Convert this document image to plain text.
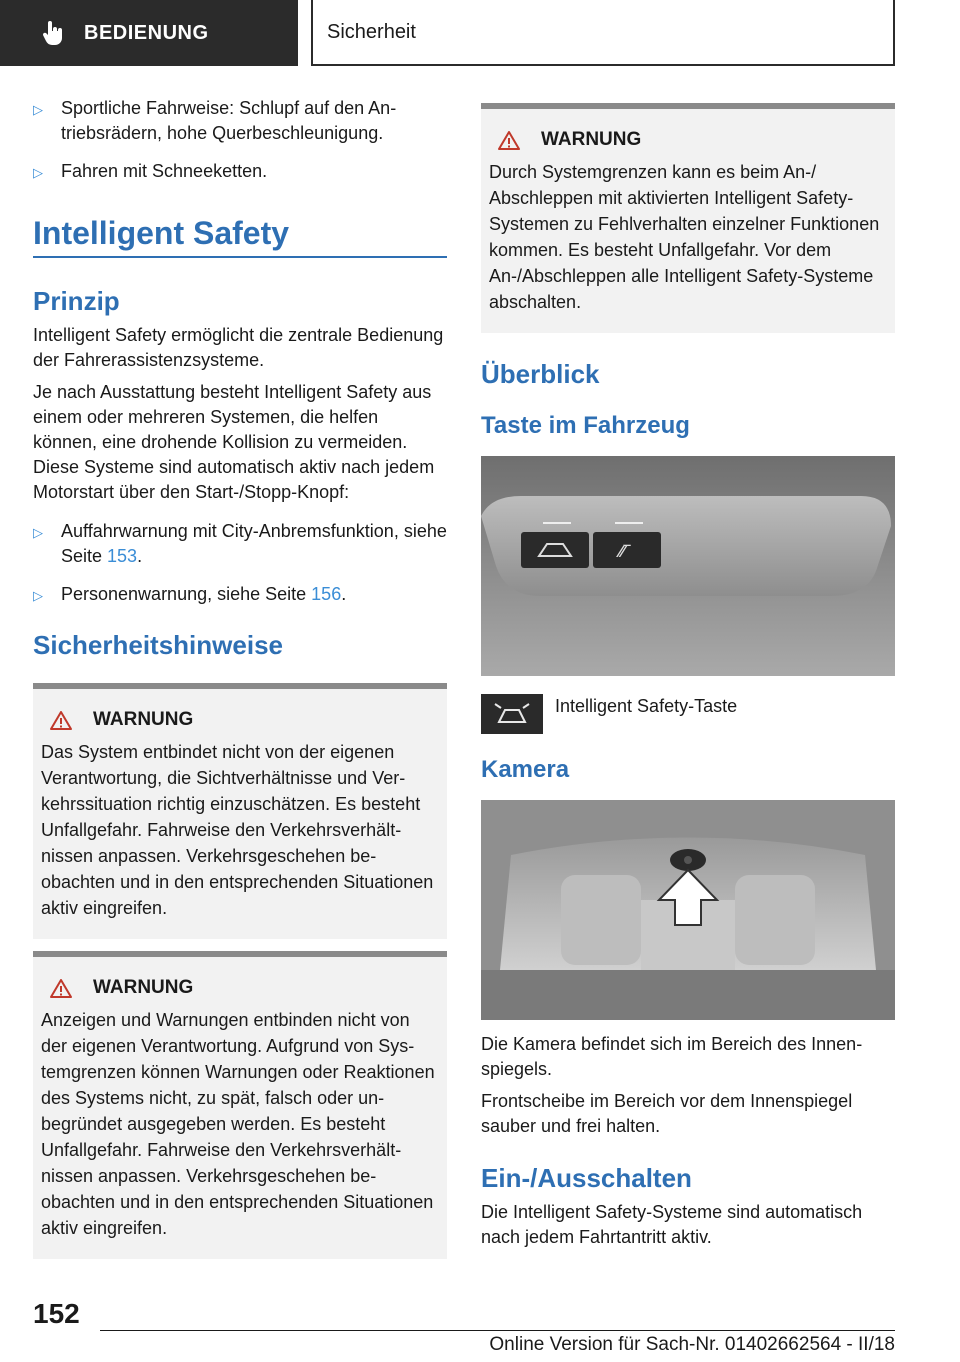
BEDIENUNG	Sicherheit
▷	Sportliche Fahrweise: Schlupf auf den Antriebsrädern, hohe Querbeschleunigung.
▷	Fahren mit Schneeketten.
Intelligent Safety
Prinzip

Intelligent Safety ermöglicht die zentrale Bedienung der Fahrerassistenzsysteme.

Je nach Ausstattung besteht Intelligent Safety aus einem oder mehreren Systemen, die helfen können, eine drohende Kollision zu vermeiden. Diese Systeme sind automatisch aktiv nach jedem Motorstart über den Start-/Stopp-Knopf:

▷	Auffahrwarnung mit City-Anbremsfunktion, siehe Seite 153.
▷	Personenwarnung, siehe Seite 156.
Sicherheitshinweise
WARNUNG

Das System entbindet nicht von der eigenen Verantwortung, die Sichtverhältnisse und Verkehrssituation richtig einzuschätzen. Es besteht Unfallgefahr. Fahrweise den Verkehrsverhältnissen anpassen. Verkehrsgeschehen beobachten und in den entsprechenden Situationen aktiv eingreifen.

WARNUNG

Anzeigen und Warnungen entbinden nicht von der eigenen Verantwortung. Aufgrund von Systemgrenzen können Warnungen oder Reaktionen des Systems nicht, zu spät, falsch oder unbegründet ausgegeben werden. Es besteht Unfallgefahr. Fahrweise den Verkehrsverhältnissen anpassen. Verkehrsgeschehen beobachten und in den entsprechenden Situationen aktiv eingreifen.

WARNUNG

Durch Systemgrenzen kann es beim An-/ Abschleppen mit aktivierten Intelligent Safety-Systemen zu Fehlverhalten einzelner Funktionen kommen. Es besteht Unfallgefahr. Vor dem An-/Abschleppen alle Intelligent Safety-Systeme abschalten.

Überblick
Taste im Fahrzeug
⁄⁄‾

Intelligent Safety-Taste

Kamera

Die Kamera befindet sich im Bereich des Innenspiegels.

Frontscheibe im Bereich vor dem Innenspiegel sauber und frei halten.

Ein-/Ausschalten

Die Intelligent Safety-Systeme sind automatisch nach jedem Fahrtantritt aktiv.

152
Online Version für Sach-Nr. 01402662564 - II/18
